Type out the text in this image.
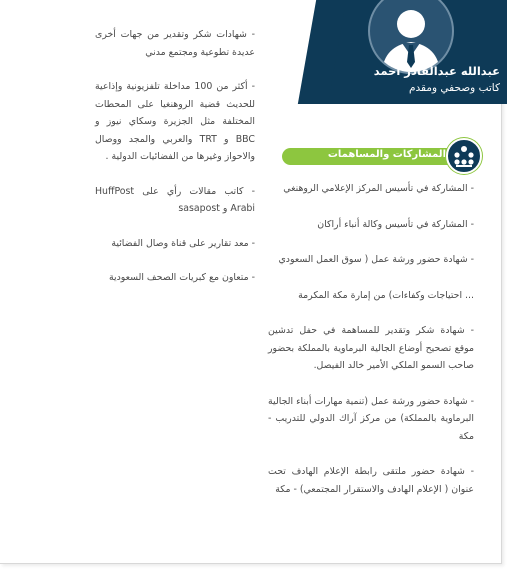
عبدالله عبدالقادر أحمد
كاتب وصحفي ومقدم
المشاركات والمساهمات

- شهادات شكر وتقدير من جهات أخرى عديدة تطوعية ومجتمع مدني

- أكثر من 100 مداخلة تلفزيونية وإذاعية للحديث قضية الروهنغيا على المحطات المختلفة مثل الجزيرة وسكاي نيوز و BBC و TRT والعربي والمجد ووصال والاحواز وغيرها من الفضائيات الدولية .

- كاتب مقالات رأي على HuffPost Arabi و sasapost

- معد تقارير على قناة وصال الفضائية

- متعاون مع كبريات الصحف السعودية

- المشاركة في تأسيس المركز الإعلامي الروهنغي

- المشاركة في تأسيس وكالة أنباء أراكان

- شهادة حضور ورشة عمل ( سوق العمل السعودي

... احتياجات وكفاءات) من إمارة مكة المكرمة

- شهادة شكر وتقدير للمساهمة في حفل تدشين موقع تصحيح أوضاع الجالية البرماوية بالمملكة بحضور صاحب السمو الملكي الأمير خالد الفيصل.

- شهادة حضور ورشة عمل (تنمية مهارات أبناء الجالية البرماوية بالمملكة) من مركز آراك الدولي للتدريب - مكة

- شهادة حضور ملتقى رابطة الإعلام الهادف تحت عنوان ( الإعلام الهادف والاستقرار المجتمعي) - مكة
